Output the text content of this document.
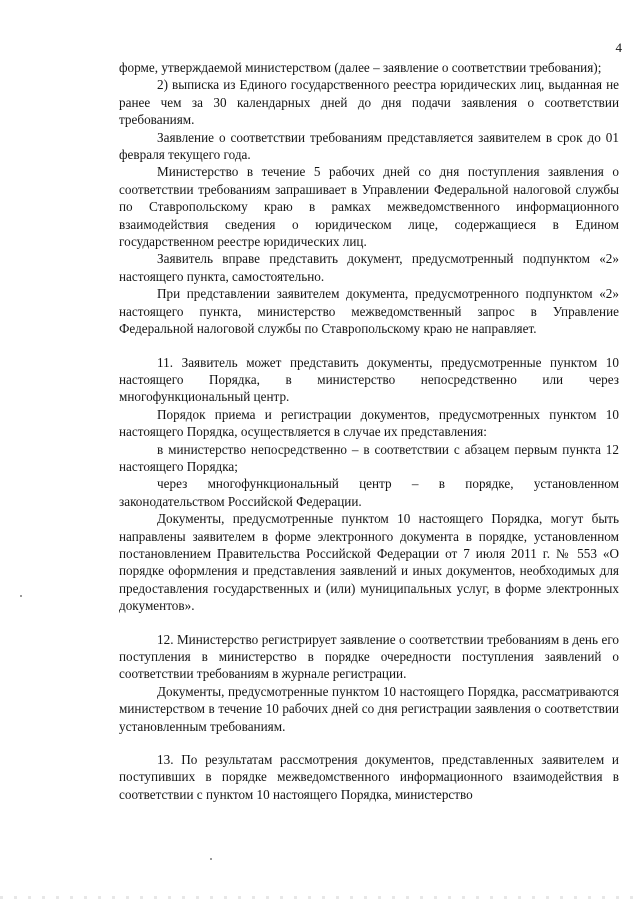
4

форме, утверждаемой министерством (далее – заявление о соответствии требования);

2) выписка из Единого государственного реестра юридических лиц, выданная не ранее чем за 30 календарных дней до дня подачи заявления о соответствии требованиям.

Заявление о соответствии требованиям представляется заявителем в срок до 01 февраля текущего года.

Министерство в течение 5 рабочих дней со дня поступления заявления о соответствии требованиям запрашивает в Управлении Федеральной налоговой службы по Ставропольскому краю в рамках межведомственного информационного взаимодействия сведения о юридическом лице, содержащиеся в Едином государственном реестре юридических лиц.

Заявитель вправе представить документ, предусмотренный подпунктом «2» настоящего пункта, самостоятельно.

При представлении заявителем документа, предусмотренного подпунктом «2» настоящего пункта, министерство межведомственный запрос в Управление Федеральной налоговой службы по Ставропольскому краю не направляет.

11. Заявитель может представить документы, предусмотренные пунктом 10 настоящего Порядка, в министерство непосредственно или через многофункциональный центр.

Порядок приема и регистрации документов, предусмотренных пунктом 10 настоящего Порядка, осуществляется в случае их представления:

в министерство непосредственно – в соответствии с абзацем первым пункта 12 настоящего Порядка;

через многофункциональный центр – в порядке, установленном законодательством Российской Федерации.

Документы, предусмотренные пунктом 10 настоящего Порядка, могут быть направлены заявителем в форме электронного документа в порядке, установленном постановлением Правительства Российской Федерации от 7 июля 2011 г. № 553 «О порядке оформления и представления заявлений и иных документов, необходимых для предоставления государственных и (или) муниципальных услуг, в форме электронных документов».

12. Министерство регистрирует заявление о соответствии требованиям в день его поступления в министерство в порядке очередности поступления заявлений о соответствии требованиям в журнале регистрации.

Документы, предусмотренные пунктом 10 настоящего Порядка, рассматриваются министерством в течение 10 рабочих дней со дня регистрации заявления о соответствии установленным требованиям.

13. По результатам рассмотрения документов, представленных заявителем и поступивших в порядке межведомственного информационного взаимодействия в соответствии с пунктом 10 настоящего Порядка, министерство
